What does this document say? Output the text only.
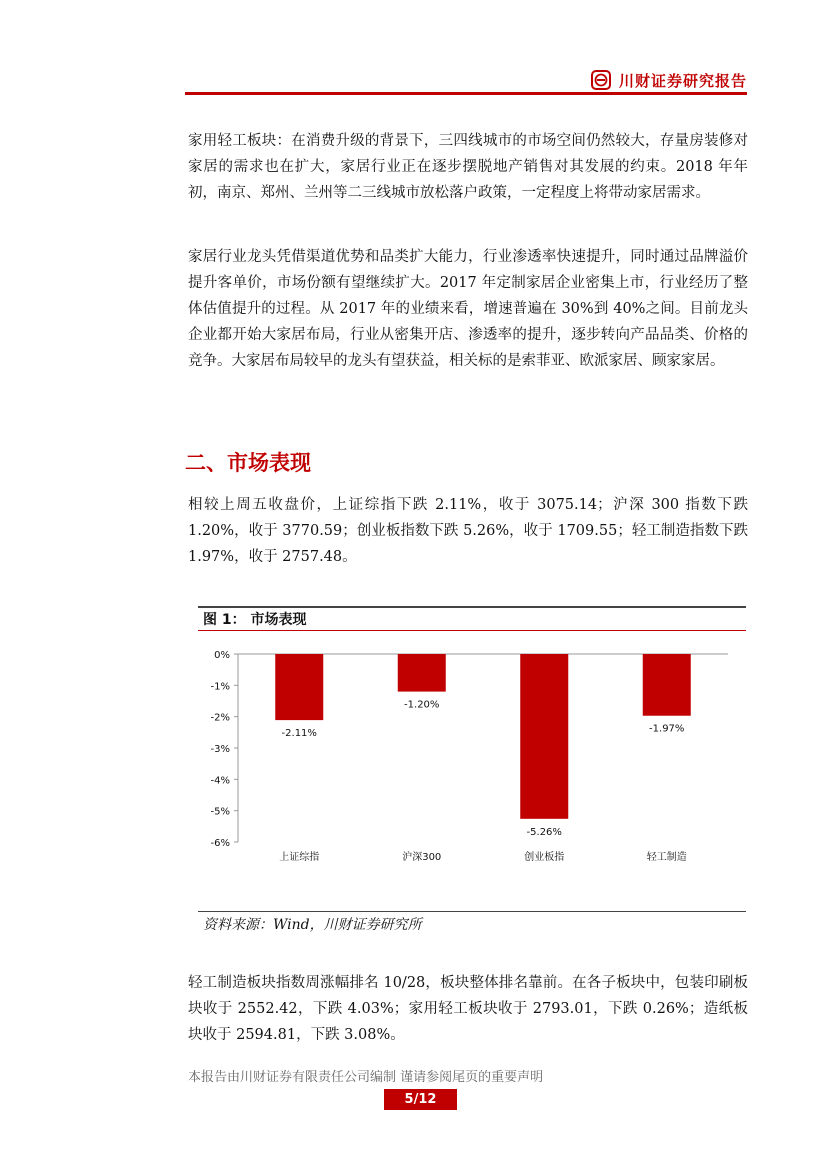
川财证券研究报告

家用轻工板块：在消费升级的背景下，三四线城市的市场空间仍然较大，存量房装修对家居的需求也在扩大，家居行业正在逐步摆脱地产销售对其发展的约束。2018 年年初，南京、郑州、兰州等二三线城市放松落户政策，一定程度上将带动家居需求。

家居行业龙头凭借渠道优势和品类扩大能力，行业渗透率快速提升，同时通过品牌溢价提升客单价，市场份额有望继续扩大。2017 年定制家居企业密集上市，行业经历了整体估值提升的过程。从 2017 年的业绩来看，增速普遍在 30%到 40%之间。目前龙头企业都开始大家居布局，行业从密集开店、渗透率的提升，逐步转向产品品类、价格的竞争。大家居布局较早的龙头有望获益，相关标的是索菲亚、欧派家居、顾家家居。

二、市场表现

相较上周五收盘价，上证综指下跌 2.11%，收于 3075.14；沪深 300 指数下跌 1.20%，收于 3770.59；创业板指数下跌 5.26%，收于 1709.55；轻工制造指数下跌 1.97%，收于 2757.48。

图 1： 市场表现
0%
-1%
-2%
-3%
-4%
-5%
-6%
-2.11%
上证综指
-1.20%
沪深300
-5.26%
创业板指
-1.97%
轻工制造
资料来源：Wind，川财证券研究所

轻工制造板块指数周涨幅排名 10/28，板块整体排名靠前。在各子板块中，包装印刷板块收于 2552.42，下跌 4.03%；家用轻工板块收于 2793.01，下跌 0.26%；造纸板块收于 2594.81，下跌 3.08%。

本报告由川财证券有限责任公司编制 谨请参阅尾页的重要声明
5/12
